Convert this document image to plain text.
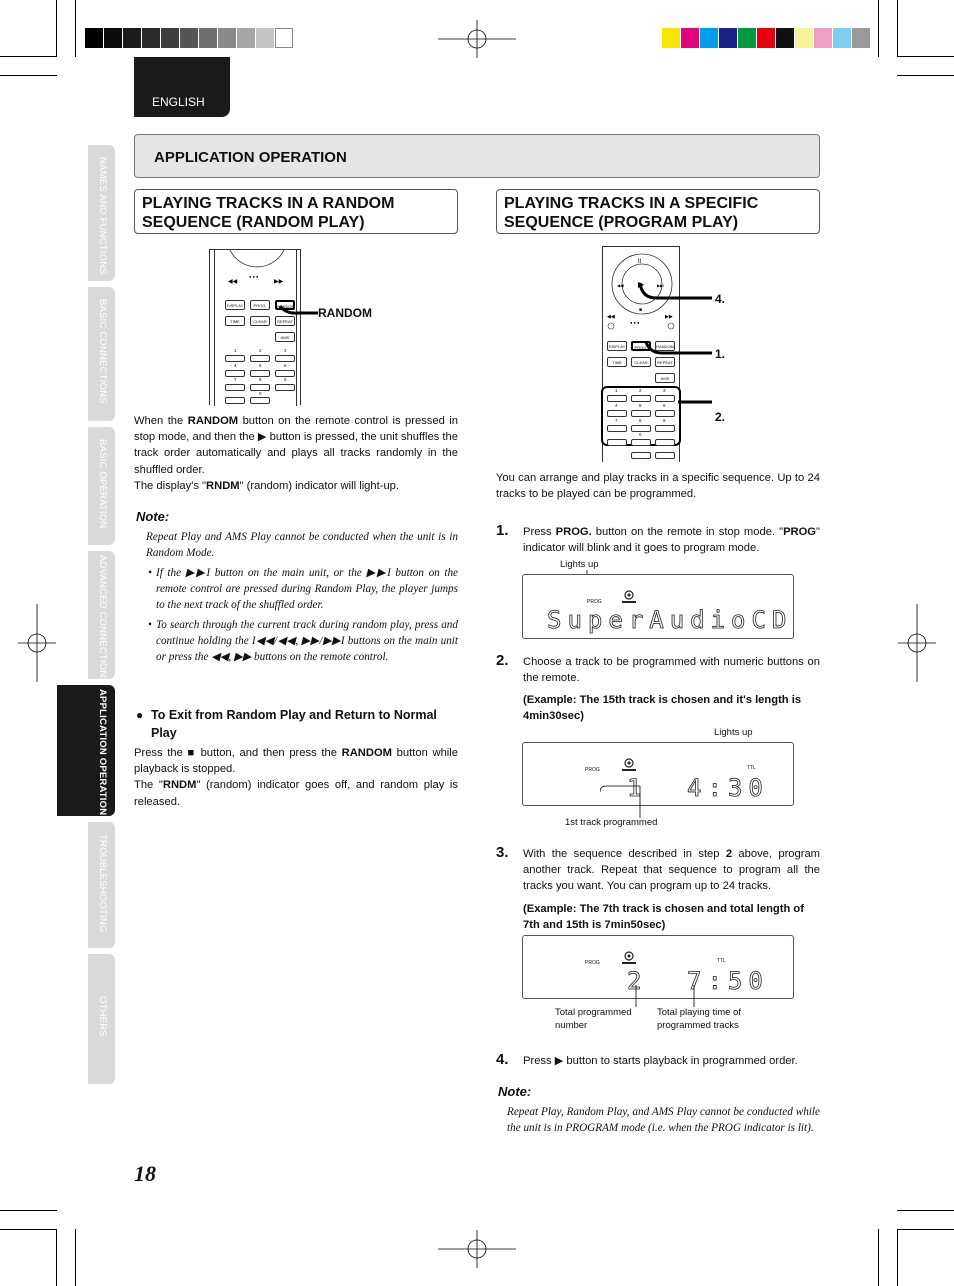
ENGLISH
APPLICATION OPERATION
NAMES AND FUNCTIONS
BASIC CONNECTIONS
BASIC OPERATION
ADVANCED CONNECTIONS
APPLICATION OPERATION
TROUBLESHOOTING
OTHERS
PLAYING TRACKS IN A RANDOM
SEQUENCE (RANDOM PLAY)
◀◀	▶▶
● ● ●
DISPLAY	PROG.	RANDOM
TIME	CLEAR	REPEAT
AMS
1	2	3
4	5	6
7	8	9
0
RANDOM
When the RANDOM button on the remote control is pressed in stop mode, and then the ▶ button is pressed, the unit shuffles the track order automatically and plays all tracks randomly in the shuffled order.
The display's "RNDM" (random) indicator will light-up.
Note:
Repeat Play and AMS Play cannot be conducted when the unit is in Random Mode.
• If the ▶▶I button on the main unit, or the ▶▶I button on the remote control are pressed during Random Play, the player jumps to the next track of the shuffled order.
• To search through the current track during random play, press and continue holding the I◀◀/◀◀, ▶▶/▶▶I buttons on the main unit or press the ◀◀, ▶▶ buttons on the remote control.
● To Exit from Random Play and Return to Normal Play
Press the ■ button, and then press the RANDOM button while playback is stopped.
The "RNDM" (random) indicator goes off, and random play is released.
18
PLAYING TRACKS IN A SPECIFIC
SEQUENCE (PROGRAM PLAY)
II
◀◀I	▶▶I
▶
■
◀◀	▶▶
● ● ●
DISPLAY	PROG.	RANDOM
TIME	CLEAR	REPEAT
AMS
1	2	3
4	5	6
7	8	9
0
4.
1.
2.
You can arrange and play tracks in a specific sequence. Up to 24 tracks to be played can be programmed.
1. Press PROG. button on the remote in stop mode. "PROG" indicator will blink and it goes to program mode.
Lights up
PROG
SuperAudioCD
2. Choose a track to be programmed with numeric buttons on the remote.
(Example: The 15th track is chosen and it's length is 4min30sec)
Lights up
PROG	TTL
1 4:30
1st track programmed
3. With the sequence described in step 2 above, program another track. Repeat that sequence to program all the tracks you want. You can program up to 24 tracks.
(Example: The 7th track is chosen and total length of 7th and 15th is 7min50sec)
PROG	TTL
2 7:50
Total programmed number
Total playing time of programmed tracks
4. Press ▶ button to starts playback in programmed order.
Note:
Repeat Play, Random Play, and AMS Play cannot be conducted while the unit is in PROGRAM mode (i.e. when the PROG indicator is lit).
